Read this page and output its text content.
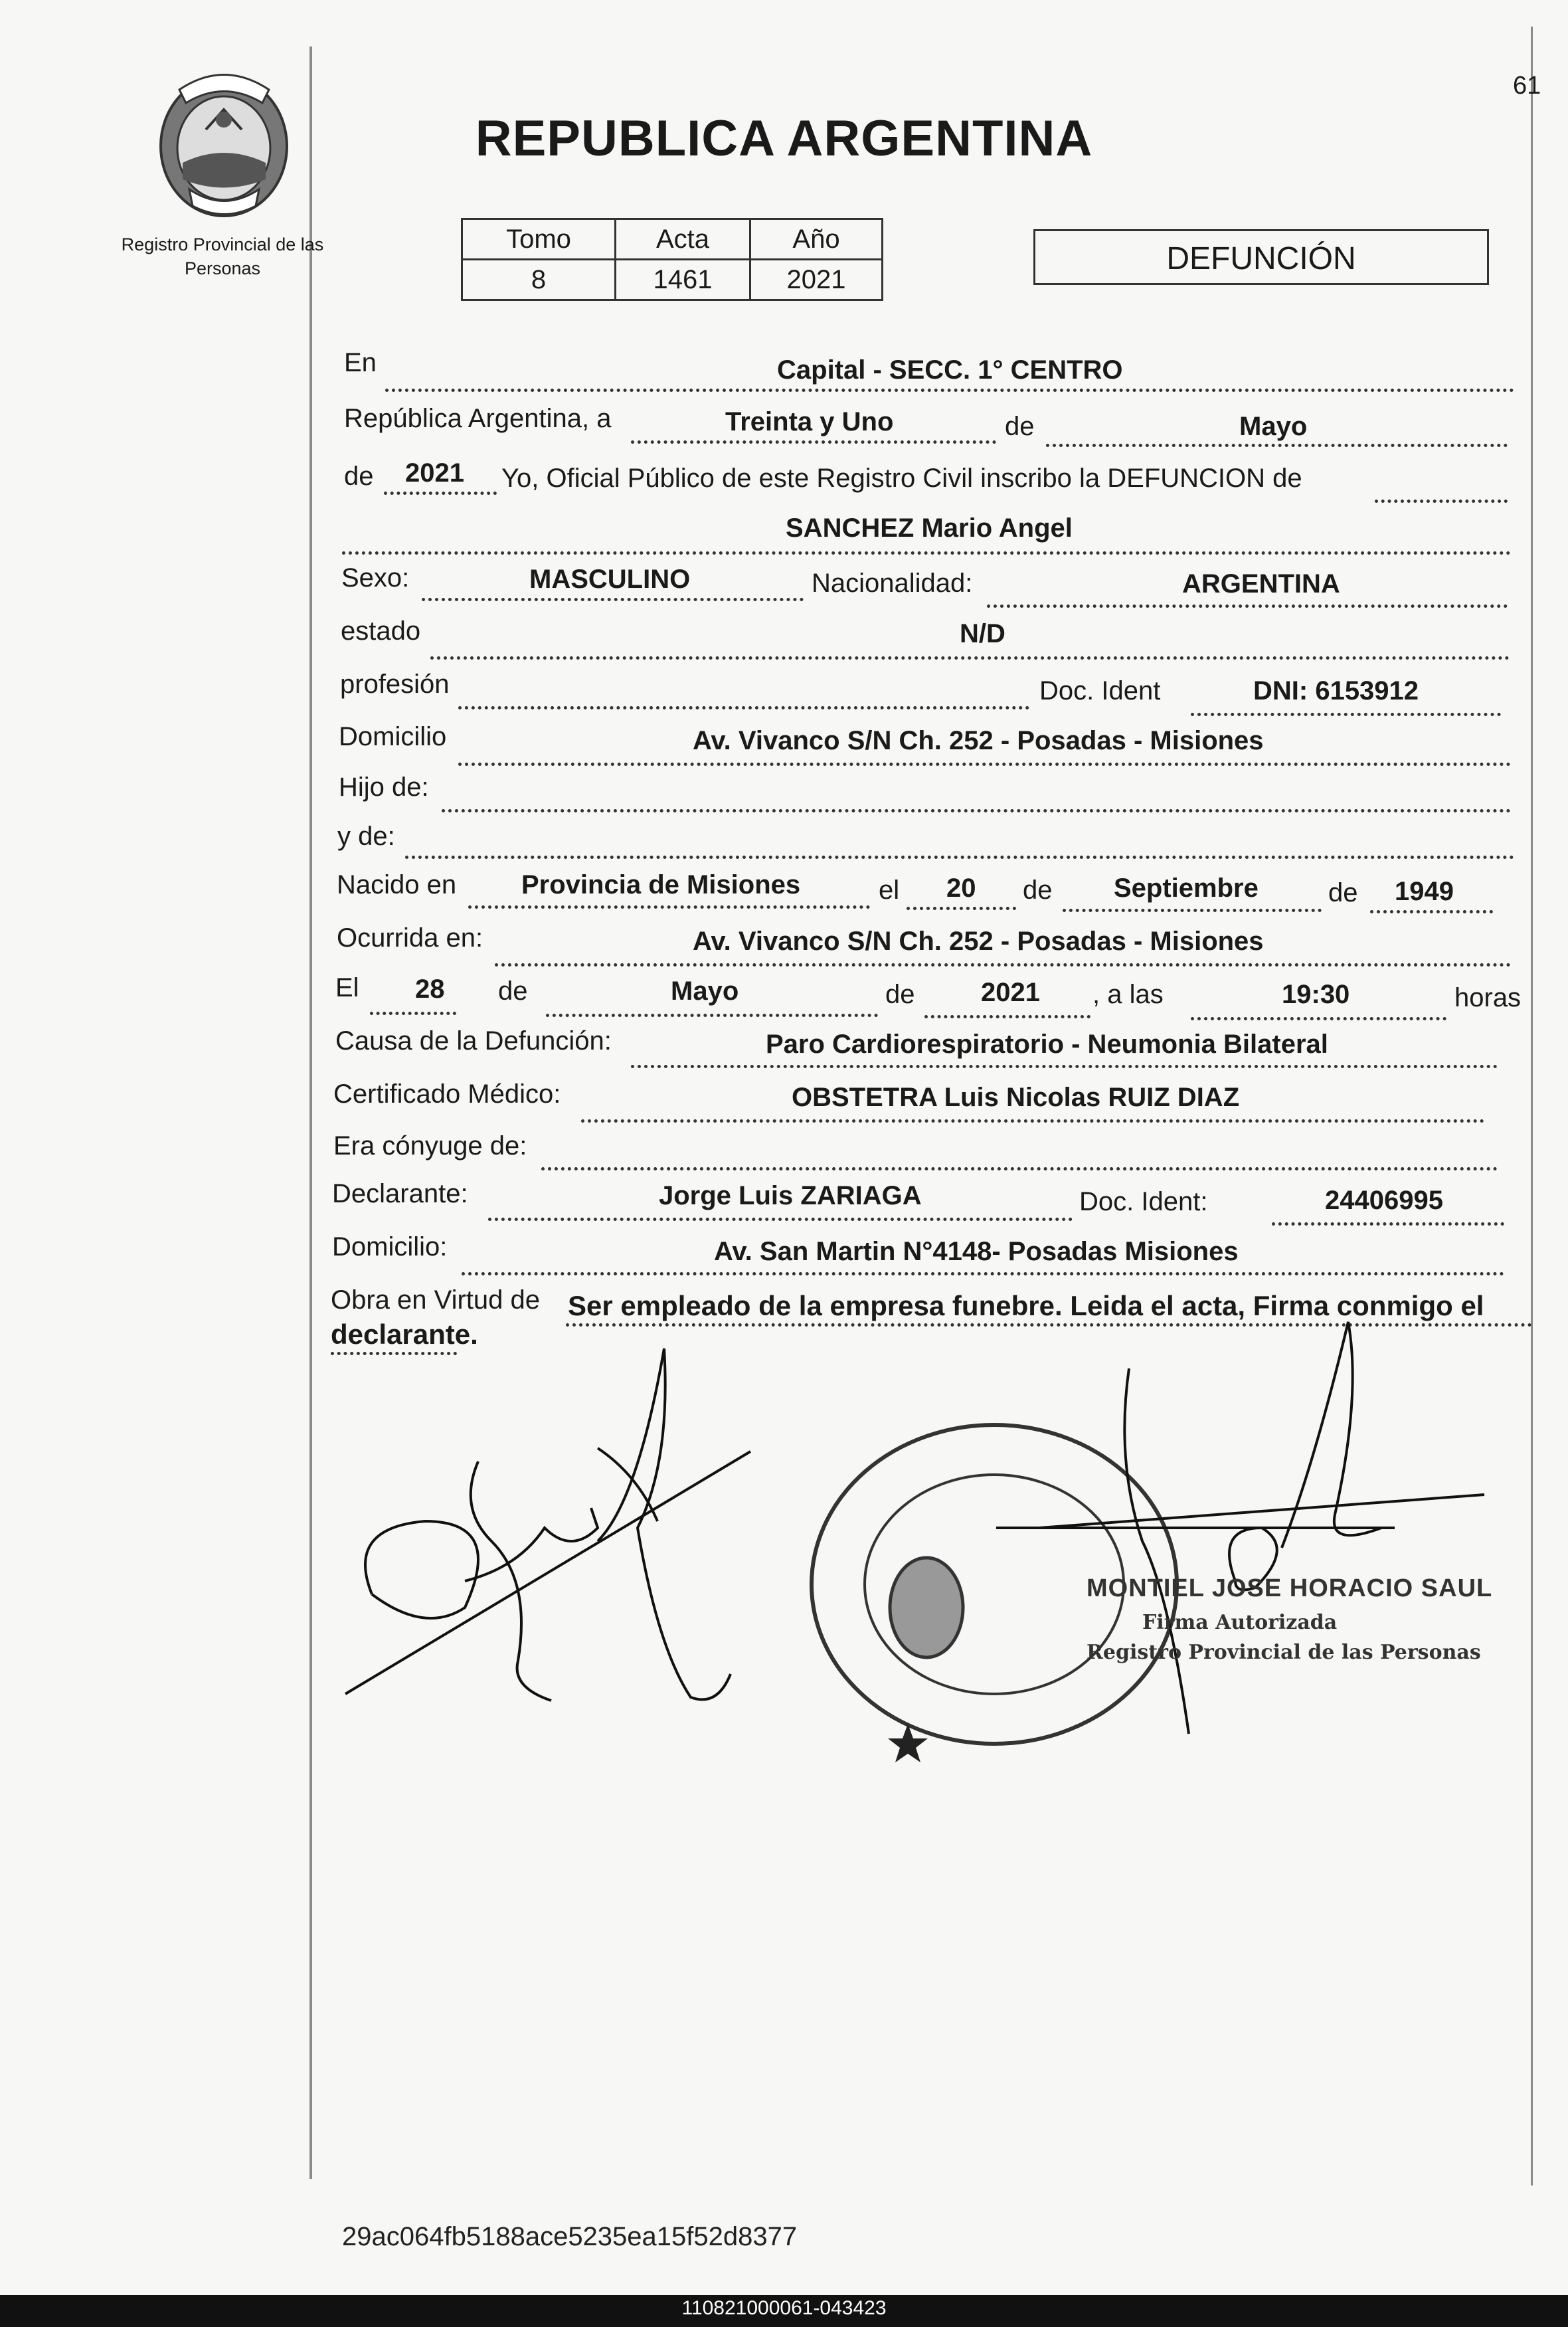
61
Registro Provincial de las Personas
REPUBLICA ARGENTINA
Tomo	Acta	Año
8	1461	2021
DEFUNCIÓN
En	Capital - SECC. 1° CENTRO
República Argentina, a	Treinta y Uno	de	Mayo
de 2021 Yo, Oficial Público de este Registro Civil inscribo la DEFUNCION de
SANCHEZ Mario Angel
Sexo:	MASCULINO	Nacionalidad:	ARGENTINA
estado	N/D
profesión	Doc. Ident	DNI: 6153912
Domicilio	Av. Vivanco S/N Ch. 252 - Posadas - Misiones
Hijo de:
y de:
Nacido en Provincia de Misiones	el 20 de Septiembre	de 1949
Ocurrida en:	Av. Vivanco S/N Ch. 252 - Posadas - Misiones
El 28 de	Mayo	de 2021 , a las	19:30	horas
Causa de la Defunción:	Paro Cardiorespiratorio - Neumonia Bilateral
Certificado Médico:	OBSTETRA Luis Nicolas RUIZ DIAZ
Era cónyuge de:
Declarante:	Jorge Luis ZARIAGA	Doc. Ident:	24406995
Domicilio:	Av. San Martin N°4148- Posadas Misiones
Obra en Virtud de Ser empleado de la empresa funebre. Leida el acta, Firma conmigo el
declarante.
MONTIEL JOSE HORACIO SAUL
Firma Autorizada
Registro Provincial de las Personas
29ac064fb5188ace5235ea15f52d8377
110821000061-043423
